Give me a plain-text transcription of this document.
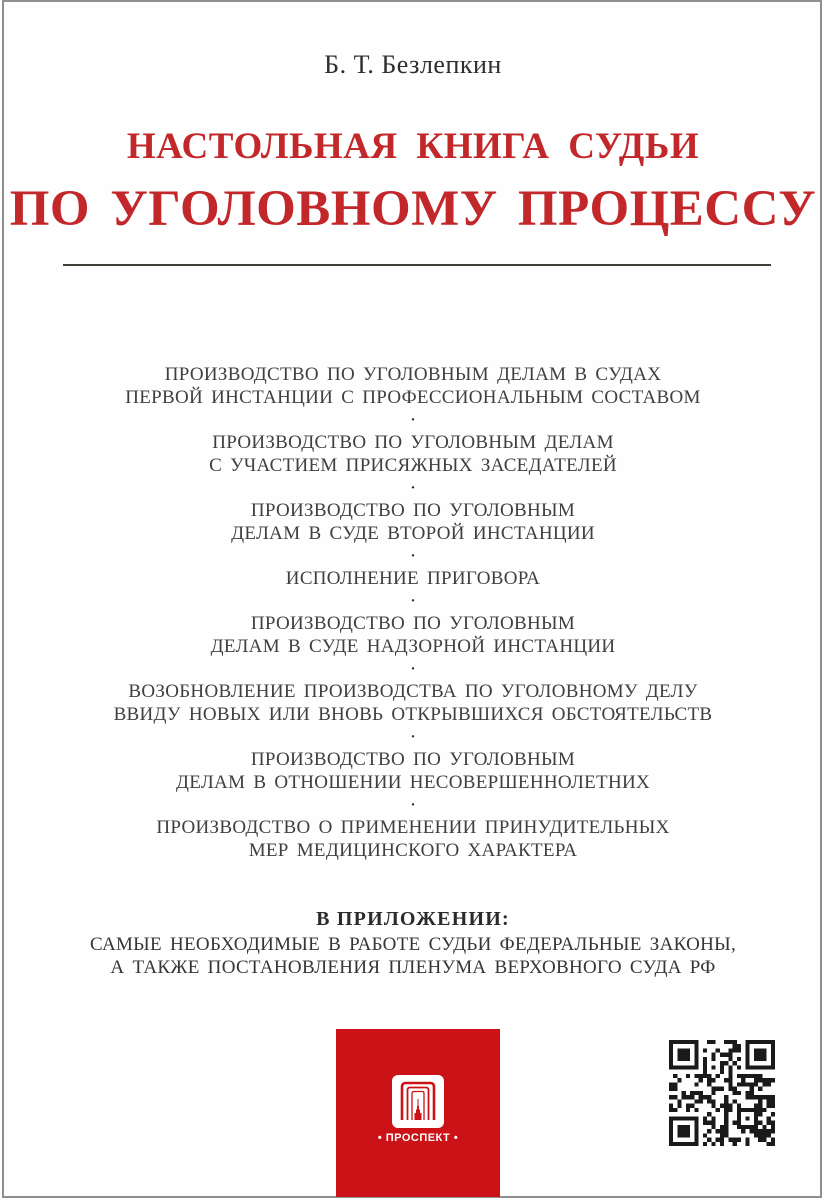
Б. Т. Безлепкин
НАСТОЛЬНАЯ КНИГА СУДЬИ
ПО УГОЛОВНОМУ ПРОЦЕССУ
ПРОИЗВОДСТВО ПО УГОЛОВНЫМ ДЕЛАМ В СУДАХ
ПЕРВОЙ ИНСТАНЦИИ С ПРОФЕССИОНАЛЬНЫМ СОСТАВОМ
·
ПРОИЗВОДСТВО ПО УГОЛОВНЫМ ДЕЛАМ
С УЧАСТИЕМ ПРИСЯЖНЫХ ЗАСЕДАТЕЛЕЙ
·
ПРОИЗВОДСТВО ПО УГОЛОВНЫМ
ДЕЛАМ В СУДЕ ВТОРОЙ ИНСТАНЦИИ
·
ИСПОЛНЕНИЕ ПРИГОВОРА
·
ПРОИЗВОДСТВО ПО УГОЛОВНЫМ
ДЕЛАМ В СУДЕ НАДЗОРНОЙ ИНСТАНЦИИ
·
ВОЗОБНОВЛЕНИЕ ПРОИЗВОДСТВА ПО УГОЛОВНОМУ ДЕЛУ
ВВИДУ НОВЫХ ИЛИ ВНОВЬ ОТКРЫВШИХСЯ ОБСТОЯТЕЛЬСТВ
·
ПРОИЗВОДСТВО ПО УГОЛОВНЫМ
ДЕЛАМ В ОТНОШЕНИИ НЕСОВЕРШЕННОЛЕТНИХ
·
ПРОИЗВОДСТВО О ПРИМЕНЕНИИ ПРИНУДИТЕЛЬНЫХ
МЕР МЕДИЦИНСКОГО ХАРАКТЕРА
В ПРИЛОЖЕНИИ:
САМЫЕ НЕОБХОДИМЫЕ В РАБОТЕ СУДЬИ ФЕДЕРАЛЬНЫЕ ЗАКОНЫ,
А ТАКЖЕ ПОСТАНОВЛЕНИЯ ПЛЕНУМА ВЕРХОВНОГО СУДА РФ
• ПРОСПЕКТ •
